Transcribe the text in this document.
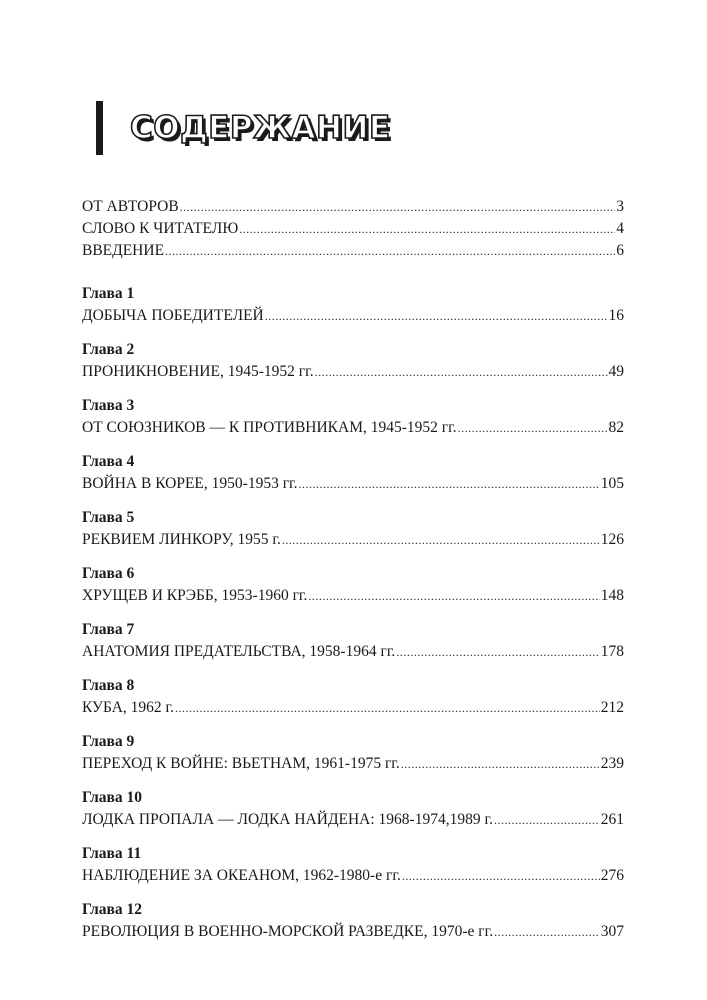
СОДЕРЖАНИЕ
ОТ АВТОРОВ .....	3
СЛОВО К ЧИТАТЕЛЮ .....	4
ВВЕДЕНИЕ .....	6
Глава 1
ДОБЫЧА ПОБЕДИТЕЛЕЙ .....	16
Глава 2
ПРОНИКНОВЕНИЕ, 1945-1952 гг. .....	49
Глава 3
ОТ СОЮЗНИКОВ — К ПРОТИВНИКАМ, 1945-1952 гг. .....	82
Глава 4
ВОЙНА В КОРЕЕ, 1950-1953 гг. .....	105
Глава 5
РЕКВИЕМ ЛИНКОРУ, 1955 г. .....	126
Глава 6
ХРУЩЕВ И КРЭББ, 1953-1960 гг. .....	148
Глава 7
АНАТОМИЯ ПРЕДАТЕЛЬСТВА, 1958-1964 гг. .....	178
Глава 8
КУБА, 1962 г. .....	212
Глава 9
ПЕРЕХОД К ВОЙНЕ: ВЬЕТНАМ, 1961-1975 гг. .....	239
Глава 10
ЛОДКА ПРОПАЛА — ЛОДКА НАЙДЕНА: 1968-1974,1989 г. .....	261
Глава 11
НАБЛЮДЕНИЕ ЗА ОКЕАНОМ, 1962-1980-е гг. .....	276
Глава 12
РЕВОЛЮЦИЯ В ВОЕННО-МОРСКОЙ РАЗВЕДКЕ, 1970-е гг. .....	307
